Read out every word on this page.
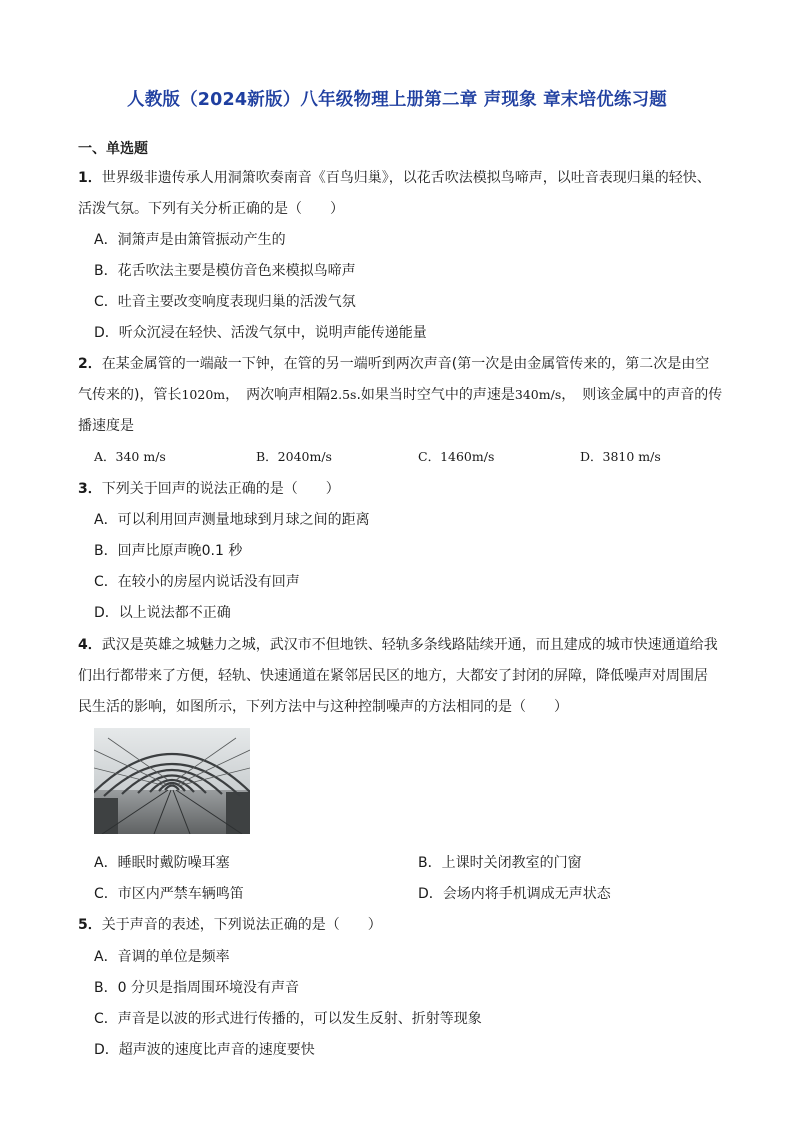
人教版（2024新版）八年级物理上册第二章 声现象 章末培优练习题
一、单选题
1．世界级非遗传承人用洞箫吹奏南音《百鸟归巢》，以花舌吹法模拟鸟啼声，以吐音表现归巢的轻快、
活泼气氛。下列有关分析正确的是（　　）
A．洞箫声是由箫管振动产生的
B．花舌吹法主要是模仿音色来模拟鸟啼声
C．吐音主要改变响度表现归巢的活泼气氛
D．听众沉浸在轻快、活泼气氛中，说明声能传递能量
2．在某金属管的一端敲一下钟，在管的另一端听到两次声音(第一次是由金属管传来的，第二次是由空
气传来的)，管长1020m，　两次响声相隔2.5s.如果当时空气中的声速是340m/s，　则该金属中的声音的传
播速度是
A．340 m/s	B．2040m/s	C．1460m/s	D．3810 m/s
3．下列关于回声的说法正确的是（　　）
A．可以利用回声测量地球到月球之间的距离
B．回声比原声晚0.1 秒
C．在较小的房屋内说话没有回声
D．以上说法都不正确
4．武汉是英雄之城魅力之城，武汉市不但地铁、轻轨多条线路陆续开通，而且建成的城市快速通道给我
们出行都带来了方便，轻轨、快速通道在紧邻居民区的地方，大都安了封闭的屏障，降低噪声对周围居
民生活的影响，如图所示，下列方法中与这种控制噪声的方法相同的是（　　）
A．睡眠时戴防噪耳塞	B．上课时关闭教室的门窗
C．市区内严禁车辆鸣笛	D．会场内将手机调成无声状态
5．关于声音的表述，下列说法正确的是（　　）
A．音调的单位是频率
B．0 分贝是指周围环境没有声音
C．声音是以波的形式进行传播的，可以发生反射、折射等现象
D．超声波的速度比声音的速度要快
